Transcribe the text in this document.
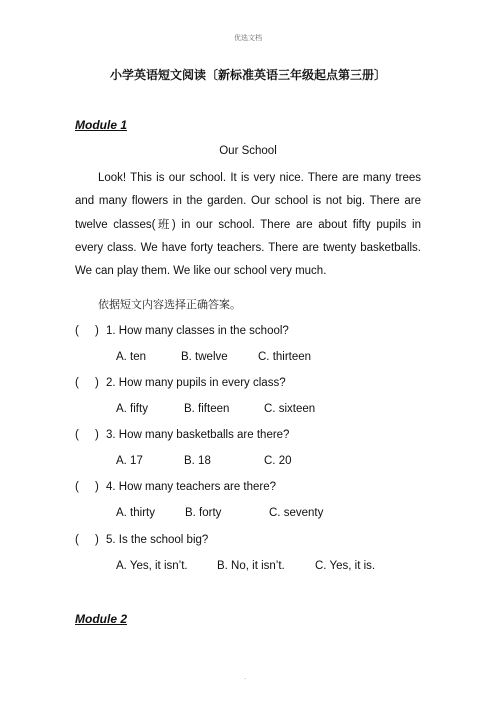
优选文档
小学英语短文阅读〔新标准英语三年级起点第三册〕
Module 1
Our School
Look! This is our school. It is very nice. There are many trees
and many flowers in the garden. Our school is not big. There are
twelve classes(班) in our school. There are about fifty pupils in
every class. We have forty teachers. There are twenty basketballs.
We can play them. We like our school very much.
依据短文内容选择正确答案。
( ) 1. How many classes in the school?
A. ten	B. twelve	C. thirteen
( ) 2. How many pupils in every class?
A. fifty	B. fifteen	C. sixteen
( ) 3. How many basketballs are there?
A. 17	B. 18	C. 20
( ) 4. How many teachers are there?
A. thirty	B. forty	C. seventy
( ) 5. Is the school big?
A. Yes, it isn’t.	B. No, it isn’t.	C. Yes, it is.
Module 2
.
